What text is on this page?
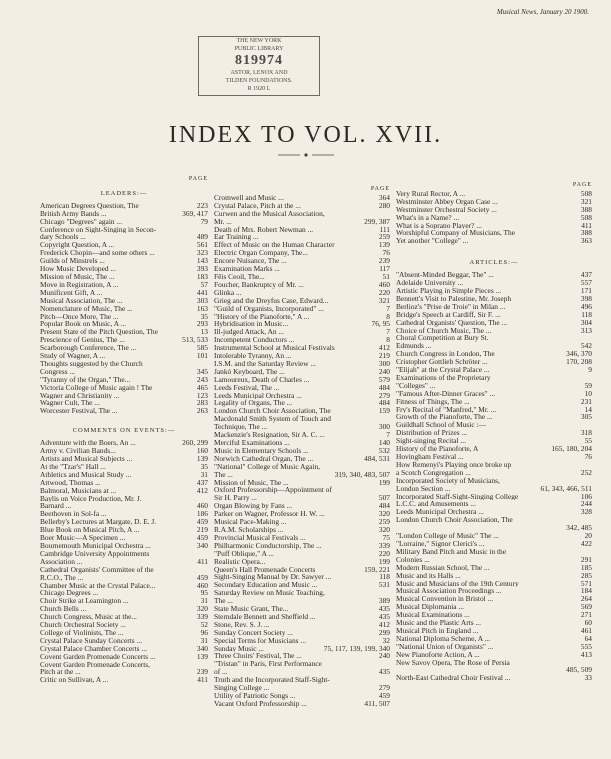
Musical News, January 20 1900.
THE NEW YORK
PUBLIC LIBRARY
819974
ASTOR, LENOX AND
TILDEN FOUNDATIONS.
R 1920 L
INDEX TO VOL. XVII.
PAGE
LEADERS:—
American Degrees Question, The	223
British Army Bands ...	369, 417
Chicago "Degrees" again ...	79
Conference on Sight-Singing in Secon-
dary Schools ...	489
Copyright Question, A ...	561
Frederick Chopin—and some others ...	323
Guilds of Minstrels ...	143
How Music Developed ...	393
Mission of Music, The ...	183
Move in Registration, A ...	57
Munificent Gift, A ...	441
Musical Association, The ...	303
Nomenclature of Music, The ...	163
Pitch—Once More, The ...	35
Popular Book on Music, A ...	293
Present State of the Pitch Question, The	13
Prescience of Genius, The ...	513, 533
Scarborough Conference, The ...	585
Study of Wagner, A ...	101
Thoughts suggested by the Church
Congress ...	345
"Tyranny of the Organ," The...	243
Victoria College of Music again ! The	465
Wagner and Christianity ...	123
Wagner Cult, The ...	283
Worcester Festival, The ...	263
COMMENTS ON EVENTS:—
Adventure with the Boers, An ...	260, 299
Army v. Civilian Bands...	160
Artists and Musical Subjects ...	139
At the "Tzar's" Hall ...	35
Athletics and Musical Study ...	31
Attwood, Thomas ...	437
Balmoral, Musicians at ...	412
Baylis on Voice Production, Mr. J.
Barnard ...	460
Beethoven in Sol-fa ...	186
Bellerby's Lectures at Margate, D. E. J.	459
Blue Book on Musical Pitch, A ...	219
Boer Music—A Specimen ...	459
Bournemouth Municipal Orchestra ...	340
Cambridge University Appointments
Association ...	411
Cathedral Organists' Committee of the
R.C.O., The ...	459
Chamber Music at the Crystal Palace...	460
Chicago Degrees ...	95
Choir Strike at Leamington ...	31
Church Bells ...	320
Church Congress, Music at the...	339
Church Orchestral Society ...	52
College of Violinists, The ...	96
Crystal Palace Sunday Concerts ...	31
Crystal Palace Chamber Concerts ...	340
Covent Garden Promenade Concerts ...	139
Covent Garden Promenade Concerts,
Pitch at the ...	239
Critic on Sullivan, A ...	411
PAGE
Cromwell and Music ...	364
Crystal Palace, Pitch at the ...	280
Curwen and the Musical Association,
Mr. ...	299, 387
Death of Mrs. Robert Newman ...	111
Ear Training ...	259
Effect of Music on the Human Character	139
Electric Organ Company, The...	76
Encore Nuisance, The ...	239
Examination Marks ...	117
Fêis Ceoil, The...	51
Foucher, Bankruptcy of Mr. ...	460
Glinka ...	220
Grieg and the Dreyfus Case, Edward...	321
"Guild of Organists, Incorporated" ...	7
"History of the Pianoforte," A ...	8
Hybridisation in Music...	76, 95
Ill-judged Attack, An ...	7
Incompetent Conductors ...	8
Instrumental School at Musical Festivals	412
Intolerable Tyranny, An ...	219
I.S.M. and the Saturday Review ...	300
Jankó Keyboard, The ...	240
Lamoureux, Death of Charles ...	579
Leeds Festival, The ...	484
Leeds Municipal Orchestra ...	279
Legality of Organs, The ...	484
London Church Choir Association, The	159
Macdonald Smith System of Touch and
Technique, The ...	300
Mackenzie's Resignation, Sir A. C. ...	7
Merciful Examinations ...	140
Music in Elementary Schools ...	532
Norwich Cathedral Organ, The ...	484, 531
"National" College of Music Again,
The ...	319, 340, 483, 507
Mission of Music, The ...	199
Oxford Professorship—Appointment of
Sir H. Parry ...	507
Organ Blowing by Fans ...	484
Parker on Wagner, Professor H. W. ...	320
Musical Pace-Making ...	259
R.A.M. Scholarships ...	320
Provincial Musical Festivals ...	75
Philharmonic Conductorship, The ...	339
"Puff Oblique," A ...	220
Realistic Opera...	199
Queen's Hall Promenade Concerts	159, 221
Sight-Singing Manual by Dr. Sawyer ...	118
Secondary Education and Music ...	531
Saturday Review on Music Teaching,
The ...	389
State Music Grant, The...	435
Sterndale Bennett and Sheffield ...	435
Stone, Rev. S. J. ...	412
Sunday Concert Society ...	299
Special Terms for Musicians ...	32
Sunday Music ...	75, 117, 139, 199, 340
Three Choirs' Festival, The ...	240
"Tristan" in Paris, First Performance
of ...	435
Truth and the Incorporated Staff-Sight-
Singing College ...	279
Utility of Patriotic Songs ...	459
Vacant Oxford Professorship ...	411, 507
PAGE
Very Rural Rector, A ...	508
Westminster Abbey Organ Case ...	321
Westminster Orchestral Society ...	388
What's in a Name? ...	508
What is a Soprano Player? ...	411
Worshipful Company of Musicians, The	388
Yet another "College" ...	363
ARTICLES:—
"Absent-Minded Beggar, The" ...	437
Adelaide University ...	557
Artistic Playing in Simple Pieces ...	171
Bennett's Visit to Palestine, Mr. Joseph	398
Berlioz's "Prise de Troie" in Milan ...	496
Bridge's Speech at Cardiff, Sir F. ...	118
Cathedral Organists' Question, The ...	304
Choice of Church Music, The ...	313
Choral Competition at Bury St.
Edmunds ...	542
Church Congress in London, The	346, 370
Cristopher Gottlieb Schröter ...	170, 208
"Elijah" at the Crystal Palace ...	9
Examinations of the Proprietary
"Colleges" ...	59
"Famous After-Dinner Graces" ...	10
Fitness of Things, The ...	231
Fry's Recital of "Manfred," Mr. ...	14
Growth of the Pianoforte, The ...	305
Guildhall School of Music :—
Distribution of Prizes ...	318
Sight-singing Recital ...	55
History of the Pianoforte, A	165, 180, 204
Hovingham Festival ...	76
How Remenyi's Playing once broke up
a Scotch Congregation ...	252
Incorporated Society of Musicians,
London Section ...	61, 343, 466, 511
Incorporated Staff-Sight-Singing College	106
L.C.C. and Amusements ...	244
Leeds Municipal Orchestra ...	328
London Church Choir Association, The
342, 485
"London College of Music" The ...	20
"Lorraine," Signor Clerici's ...	422
Military Band Pitch and Music in the
Colonies ...	291
Modern Russian School, The ...	185
Music and its Halls ...	285
Music and Musicians of the 19th Century	571
Musical Association Proceedings ...	184
Musical Convention in Bristol ...	264
Musical Diplomania ...	569
Musical Examinations ...	271
Music and the Plastic Arts ...	60
Musical Pitch in England ...	461
National Diploma Scheme, A ...	64
"National Union of Organists" ...	555
New Pianoforte Action, A ...	413
New Savoy Opera, The Rose of Persia
485, 509
North-East Cathedral Choir Festival ...	33
